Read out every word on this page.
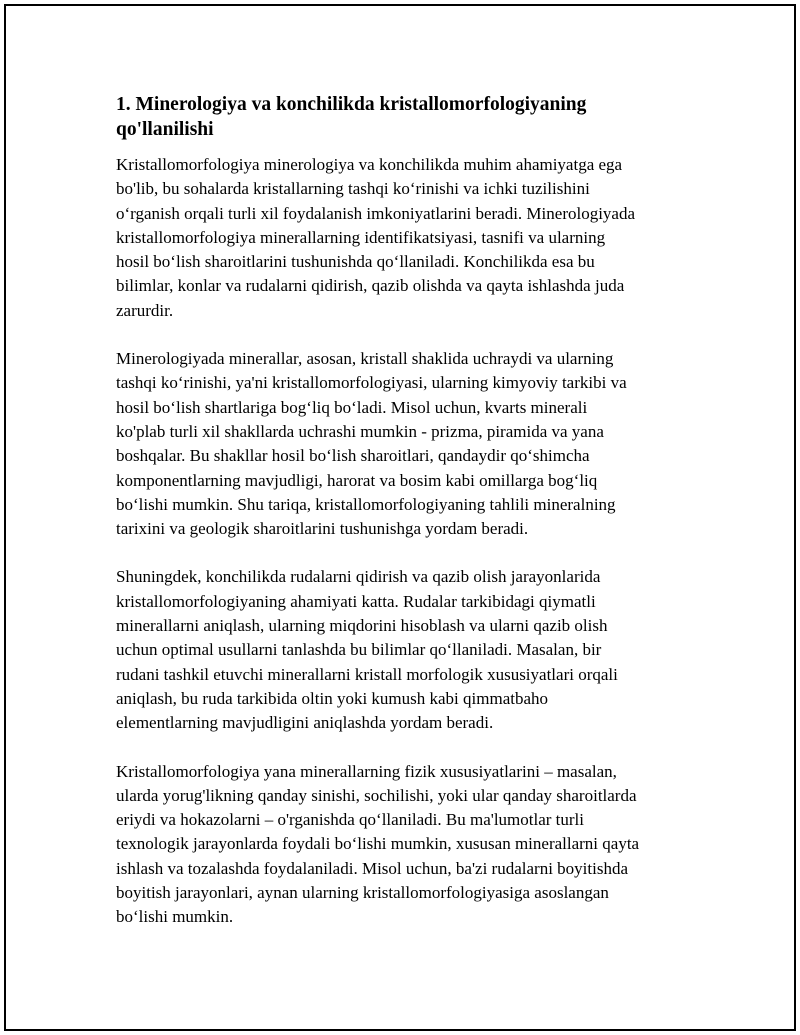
1. Minerologiya va konchilikda kristallomorfologiyaning
qo'llanilishi

Kristallomorfologiya minerologiya va konchilikda muhim ahamiyatga ega
bo'lib, bu sohalarda kristallarning tashqi ko‘rinishi va ichki tuzilishini
o‘rganish orqali turli xil foydalanish imkoniyatlarini beradi. Minerologiyada
kristallomorfologiya minerallarning identifikatsiyasi, tasnifi va ularning
hosil bo‘lish sharoitlarini tushunishda qo‘llaniladi. Konchilikda esa bu
bilimlar, konlar va rudalarni qidirish, qazib olishda va qayta ishlashda juda
zarurdir.

Minerologiyada minerallar, asosan, kristall shaklida uchraydi va ularning
tashqi ko‘rinishi, ya'ni kristallomorfologiyasi, ularning kimyoviy tarkibi va
hosil bo‘lish shartlariga bog‘liq bo‘ladi. Misol uchun, kvarts minerali
ko'plab turli xil shakllarda uchrashi mumkin - prizma, piramida va yana
boshqalar. Bu shakllar hosil bo‘lish sharoitlari, qandaydir qo‘shimcha
komponentlarning mavjudligi, harorat va bosim kabi omillarga bog‘liq
bo‘lishi mumkin. Shu tariqa, kristallomorfologiyaning tahlili mineralning
tarixini va geologik sharoitlarini tushunishga yordam beradi.

Shuningdek, konchilikda rudalarni qidirish va qazib olish jarayonlarida
kristallomorfologiyaning ahamiyati katta. Rudalar tarkibidagi qiymatli
minerallarni aniqlash, ularning miqdorini hisoblash va ularni qazib olish
uchun optimal usullarni tanlashda bu bilimlar qo‘llaniladi. Masalan, bir
rudani tashkil etuvchi minerallarni kristall morfologik xususiyatlari orqali
aniqlash, bu ruda tarkibida oltin yoki kumush kabi qimmatbaho
elementlarning mavjudligini aniqlashda yordam beradi.

Kristallomorfologiya yana minerallarning fizik xususiyatlarini – masalan,
ularda yorug'likning qanday sinishi, sochilishi, yoki ular qanday sharoitlarda
eriydi va hokazolarni – o'rganishda qo‘llaniladi. Bu ma'lumotlar turli
texnologik jarayonlarda foydali bo‘lishi mumkin, xususan minerallarni qayta
ishlash va tozalashda foydalaniladi. Misol uchun, ba'zi rudalarni boyitishda
boyitish jarayonlari, aynan ularning kristallomorfologiyasiga asoslangan
bo‘lishi mumkin.
